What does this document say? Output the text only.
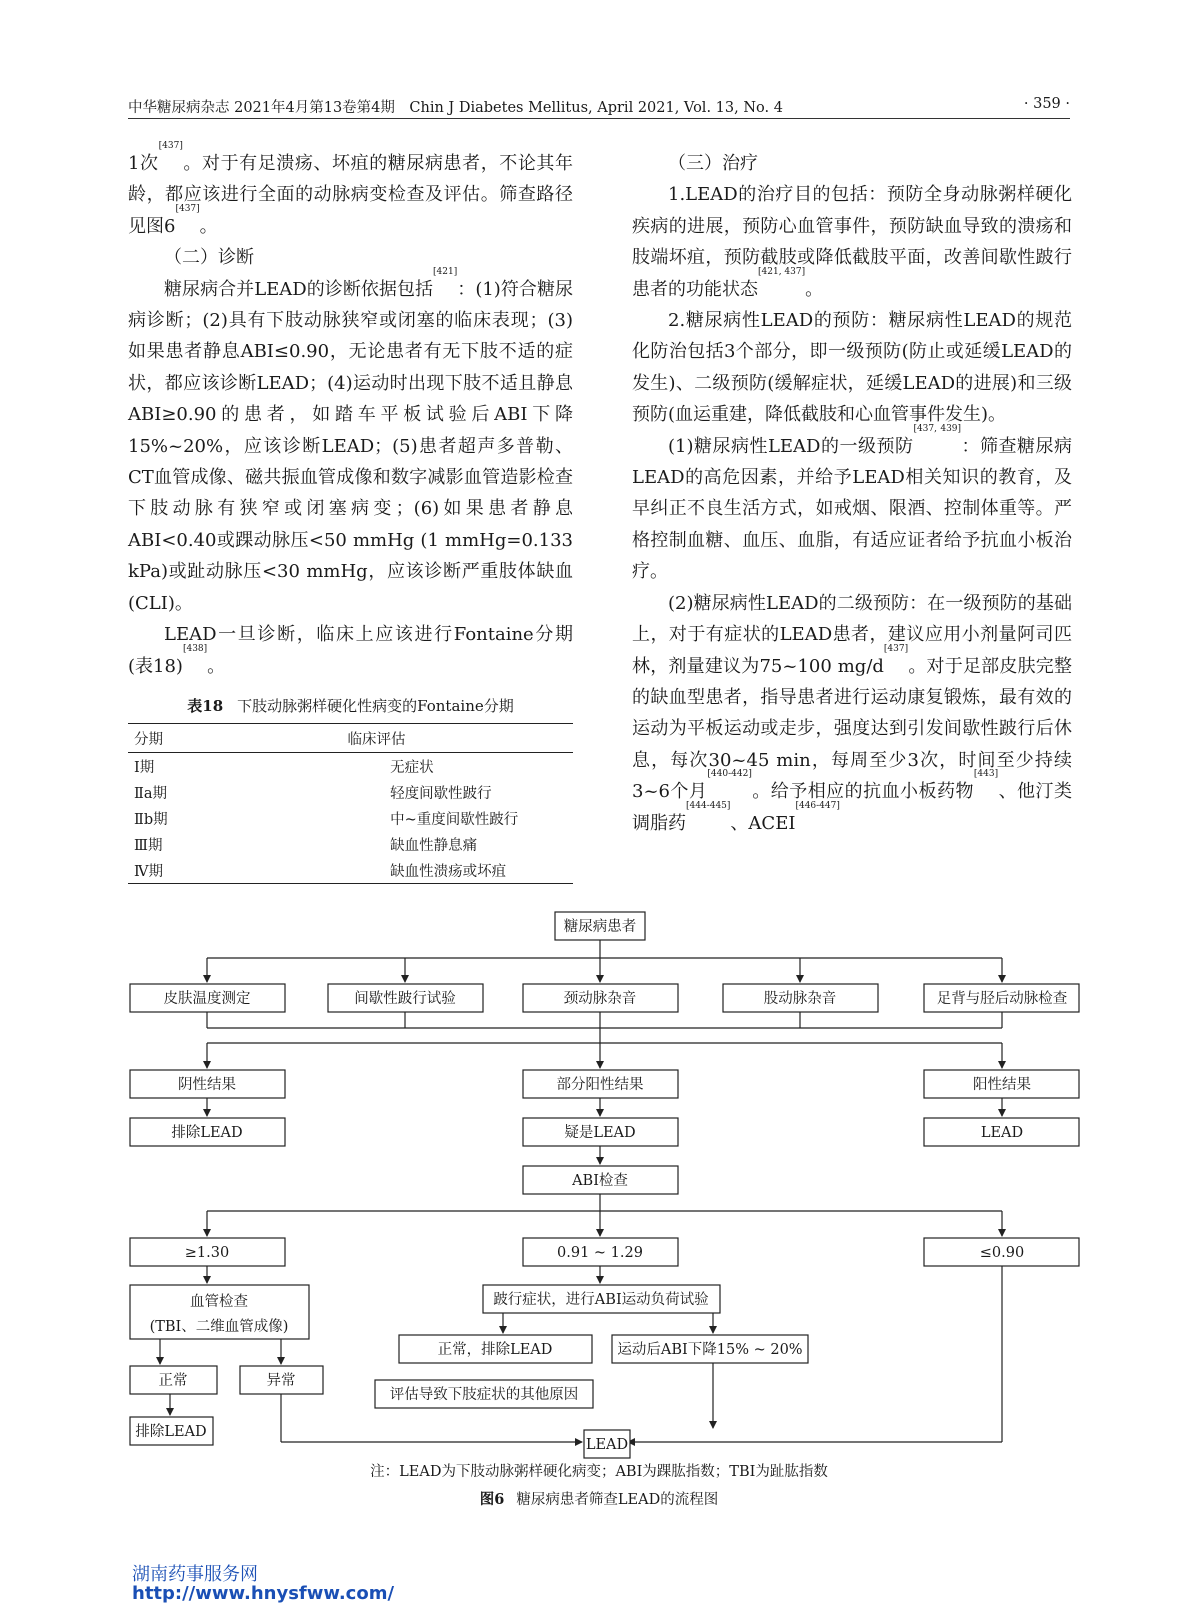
中华糖尿病杂志 2021年4月第13卷第4期　Chin J Diabetes Mellitus, April 2021, Vol. 13, No. 4	· 359 ·

1次[437]。对于有足溃疡、坏疽的糖尿病患者，不论其年龄，都应该进行全面的动脉病变检查及评估。筛查路径见图6[437]。

（二）诊断

糖尿病合并LEAD的诊断依据包括[421]：(1)符合糖尿病诊断；(2)具有下肢动脉狭窄或闭塞的临床表现；(3)如果患者静息ABI≤0.90，无论患者有无下肢不适的症状，都应该诊断LEAD；(4)运动时出现下肢不适且静息ABI≥0.90的患者，如踏车平板试验后ABI下降15%~20%，应该诊断LEAD；(5)患者超声多普勒、CT血管成像、磁共振血管成像和数字减影血管造影检查下肢动脉有狭窄或闭塞病变；(6)如果患者静息ABI<0.40或踝动脉压<50 mmHg (1 mmHg=0.133 kPa)或趾动脉压<30 mmHg，应该诊断严重肢体缺血(CLI)。

LEAD一旦诊断，临床上应该进行Fontaine分期(表18)[438]。

表18 下肢动脉粥样硬化性病变的Fontaine分期
分期	临床评估
Ⅰ期	无症状
Ⅱa期	轻度间歇性跛行
Ⅱb期	中~重度间歇性跛行
Ⅲ期	缺血性静息痛
Ⅳ期	缺血性溃疡或坏疽

（三）治疗

1.LEAD的治疗目的包括：预防全身动脉粥样硬化疾病的进展，预防心血管事件，预防缺血导致的溃疡和肢端坏疽，预防截肢或降低截肢平面，改善间歇性跛行患者的功能状态[421, 437]。

2.糖尿病性LEAD的预防：糖尿病性LEAD的规范化防治包括3个部分，即一级预防(防止或延缓LEAD的发生)、二级预防(缓解症状，延缓LEAD的进展)和三级预防(血运重建，降低截肢和心血管事件发生)。

(1)糖尿病性LEAD的一级预防[437, 439]：筛查糖尿病LEAD的高危因素，并给予LEAD相关知识的教育，及早纠正不良生活方式，如戒烟、限酒、控制体重等。严格控制血糖、血压、血脂，有适应证者给予抗血小板治疗。

(2)糖尿病性LEAD的二级预防：在一级预防的基础上，对于有症状的LEAD患者，建议应用小剂量阿司匹林，剂量建议为75~100 mg/d[437]。对于足部皮肤完整的缺血型患者，指导患者进行运动康复锻炼，最有效的运动为平板运动或走步，强度达到引发间歇性跛行后休息，每次30~45 min，每周至少3次，时间至少持续3~6个月[440-442]。给予相应的抗血小板药物[443]、他汀类调脂药[444-445]、ACEI[446-447]

糖尿病患者
皮肤温度测定	间歇性跛行试验	颈动脉杂音	股动脉杂音	足背与胫后动脉检查
阴性结果	部分阳性结果	阳性结果
排除LEAD	疑是LEAD	LEAD
ABI检查
≥1.30	0.91 ~ 1.29	≤0.90
血管检查
(TBI、二维血管成像)
跛行症状，进行ABI运动负荷试验
正常，排除LEAD	运动后ABI下降15% ~ 20%
正常	异常
评估导致下肢症状的其他原因
排除LEAD
LEAD
注：LEAD为下肢动脉粥样硬化病变；ABI为踝肱指数；TBI为趾肱指数
图6 糖尿病患者筛查LEAD的流程图
湖南药事服务网
http://www.hnysfww.com/
